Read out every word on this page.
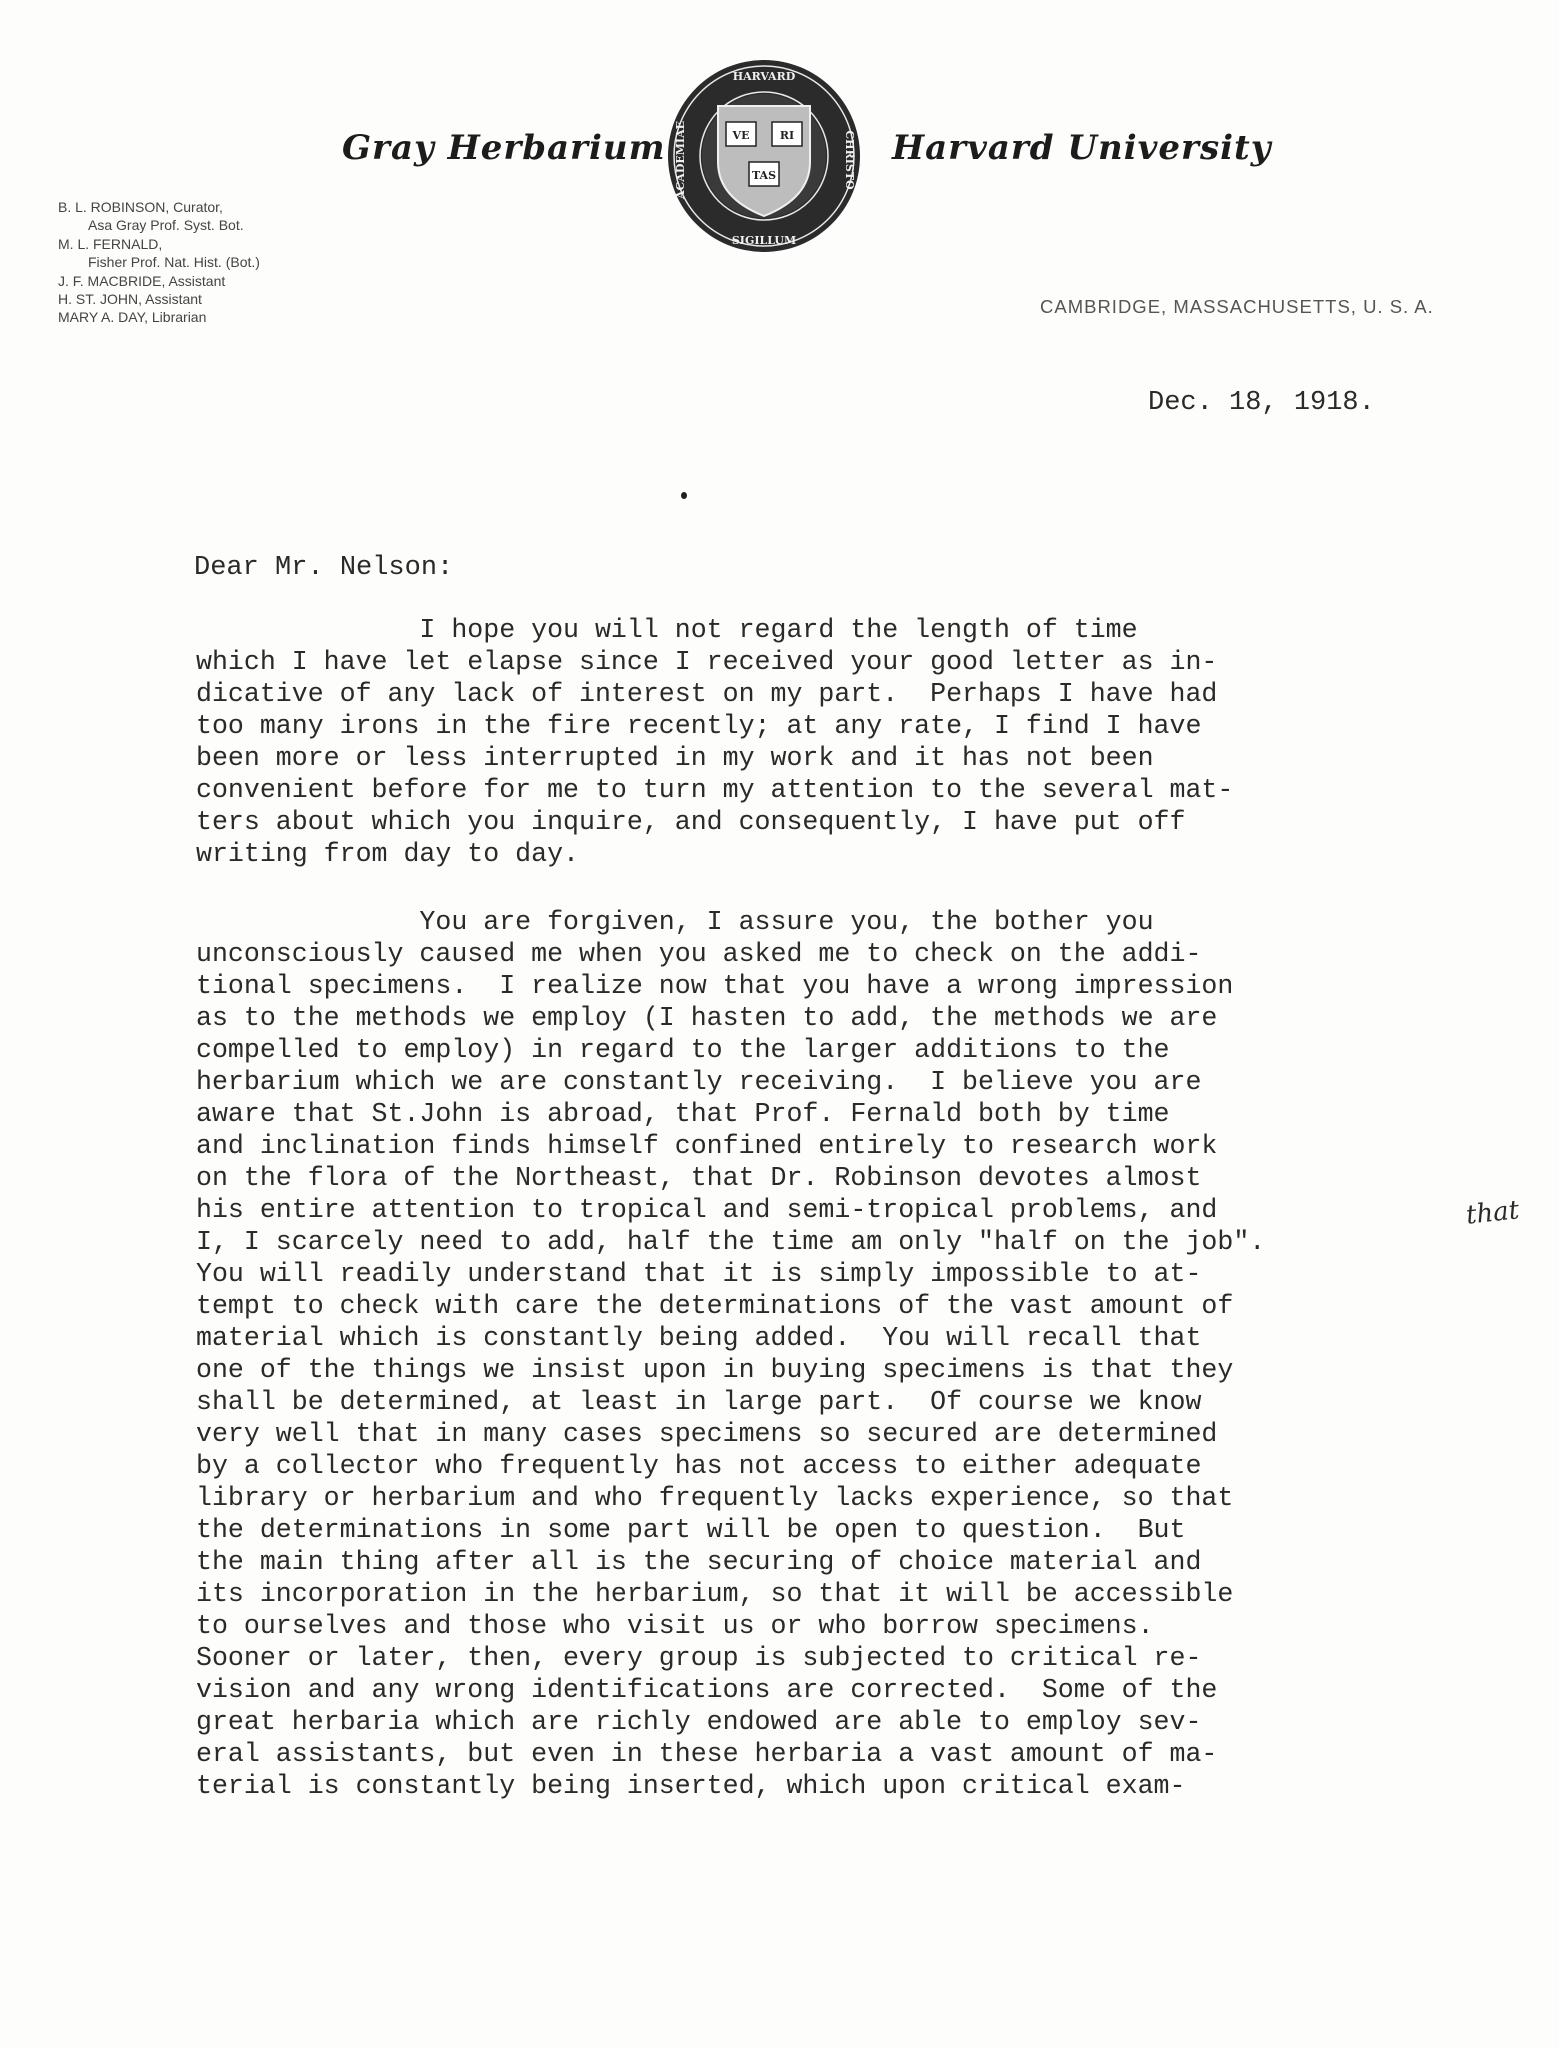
Gray Herbarium	VE	RI
TAS
HARVARD
SIGILLUM
ACADEMIAE	CHRISTO Harvard University
B. L. ROBINSON, Curator,
Asa Gray Prof. Syst. Bot.
M. L. FERNALD,
Fisher Prof. Nat. Hist. (Bot.)
J. F. MACBRIDE, Assistant
H. ST. JOHN, Assistant
MARY A. DAY, Librarian
CAMBRIDGE, MASSACHUSETTS, U. S. A.
Dec. 18, 1918.
Dear Mr. Nelson:
I hope you will not regard the length of time
which I have let elapse since I received your good letter as in-
dicative of any lack of interest on my part.  Perhaps I have had
too many irons in the fire recently; at any rate, I find I have
been more or less interrupted in my work and it has not been
convenient before for me to turn my attention to the several mat-
ters about which you inquire, and consequently, I have put off
writing from day to day.
You are forgiven, I assure you, the bother you
unconsciously caused me when you asked me to check on the addi-
tional specimens.  I realize now that you have a wrong impression
as to the methods we employ (I hasten to add, the methods we are
compelled to employ) in regard to the larger additions to the
herbarium which we are constantly receiving.  I believe you are
aware that St.John is abroad, that Prof. Fernald both by time
and inclination finds himself confined entirely to research work
on the flora of the Northeast, that Dr. Robinson devotes almost
his entire attention to tropical and semi-tropical problems, and
I, I scarcely need to add, half the time am only "half on the job".
You will readily understand that it is simply impossible to at-
tempt to check with care the determinations of the vast amount of
material which is constantly being added.  You will recall that
one of the things we insist upon in buying specimens is that they
shall be determined, at least in large part.  Of course we know
very well that in many cases specimens so secured are determined
by a collector who frequently has not access to either adequate
library or herbarium and who frequently lacks experience, so that
the determinations in some part will be open to question.  But
the main thing after all is the securing of choice material and
its incorporation in the herbarium, so that it will be accessible
to ourselves and those who visit us or who borrow specimens.
Sooner or later, then, every group is subjected to critical re-
vision and any wrong identifications are corrected.  Some of the
great herbaria which are richly endowed are able to employ sev-
eral assistants, but even in these herbaria a vast amount of ma-
terial is constantly being inserted, which upon critical exam-
that
